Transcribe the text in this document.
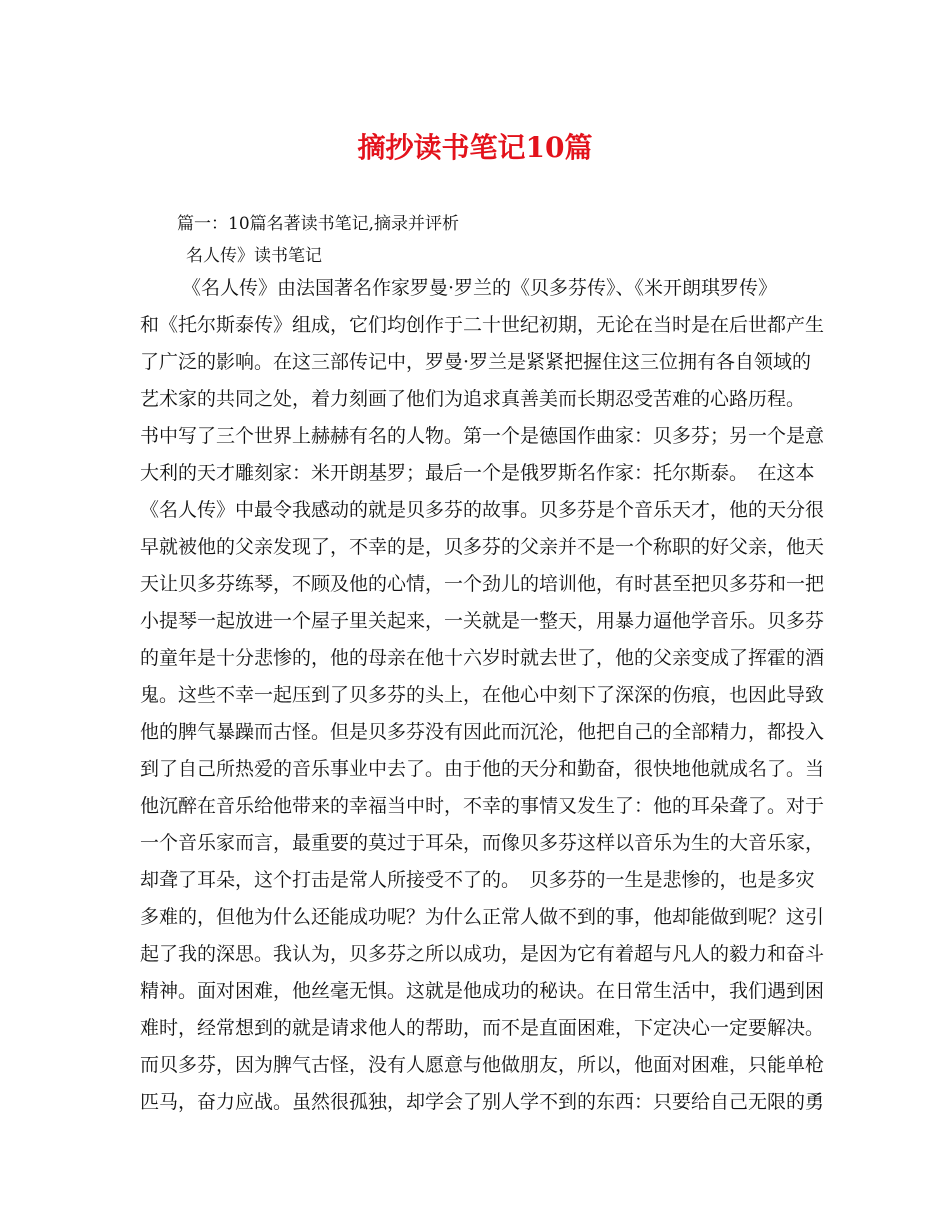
摘抄读书笔记10篇
篇一：10篇名著读书笔记,摘录并评析
名人传》读书笔记
《名人传》由法国著名作家罗曼·罗兰的《贝多芬传》、《米开朗琪罗传》
和《托尔斯泰传》组成，它们均创作于二十世纪初期，无论在当时是在后世都产生
了广泛的影响。在这三部传记中，罗曼·罗兰是紧紧把握住这三位拥有各自领域的
艺术家的共同之处，着力刻画了他们为追求真善美而长期忍受苦难的心路历程。
书中写了三个世界上赫赫有名的人物。第一个是德国作曲家：贝多芬；另一个是意
大利的天才雕刻家：米开朗基罗；最后一个是俄罗斯名作家：托尔斯泰。　在这本
《名人传》中最令我感动的就是贝多芬的故事。贝多芬是个音乐天才，他的天分很
早就被他的父亲发现了，不幸的是，贝多芬的父亲并不是一个称职的好父亲，他天
天让贝多芬练琴，不顾及他的心情，一个劲儿的培训他，有时甚至把贝多芬和一把
小提琴一起放进一个屋子里关起来，一关就是一整天，用暴力逼他学音乐。贝多芬
的童年是十分悲惨的，他的母亲在他十六岁时就去世了，他的父亲变成了挥霍的酒
鬼。这些不幸一起压到了贝多芬的头上，在他心中刻下了深深的伤痕，也因此导致
他的脾气暴躁而古怪。但是贝多芬没有因此而沉沦，他把自己的全部精力，都投入
到了自己所热爱的音乐事业中去了。由于他的天分和勤奋，很快地他就成名了。当
他沉醉在音乐给他带来的幸福当中时，不幸的事情又发生了：他的耳朵聋了。对于
一个音乐家而言，最重要的莫过于耳朵，而像贝多芬这样以音乐为生的大音乐家，
却聋了耳朵，这个打击是常人所接受不了的。　贝多芬的一生是悲惨的，也是多灾
多难的，但他为什么还能成功呢？为什么正常人做不到的事，他却能做到呢？这引
起了我的深思。我认为，贝多芬之所以成功，是因为它有着超与凡人的毅力和奋斗
精神。面对困难，他丝毫无惧。这就是他成功的秘诀。在日常生活中，我们遇到困
难时，经常想到的就是请求他人的帮助，而不是直面困难，下定决心一定要解决。
而贝多芬，因为脾气古怪，没有人愿意与他做朋友，所以，他面对困难，只能单枪
匹马，奋力应战。虽然很孤独，却学会了别人学不到的东西：只要给自己无限的勇
